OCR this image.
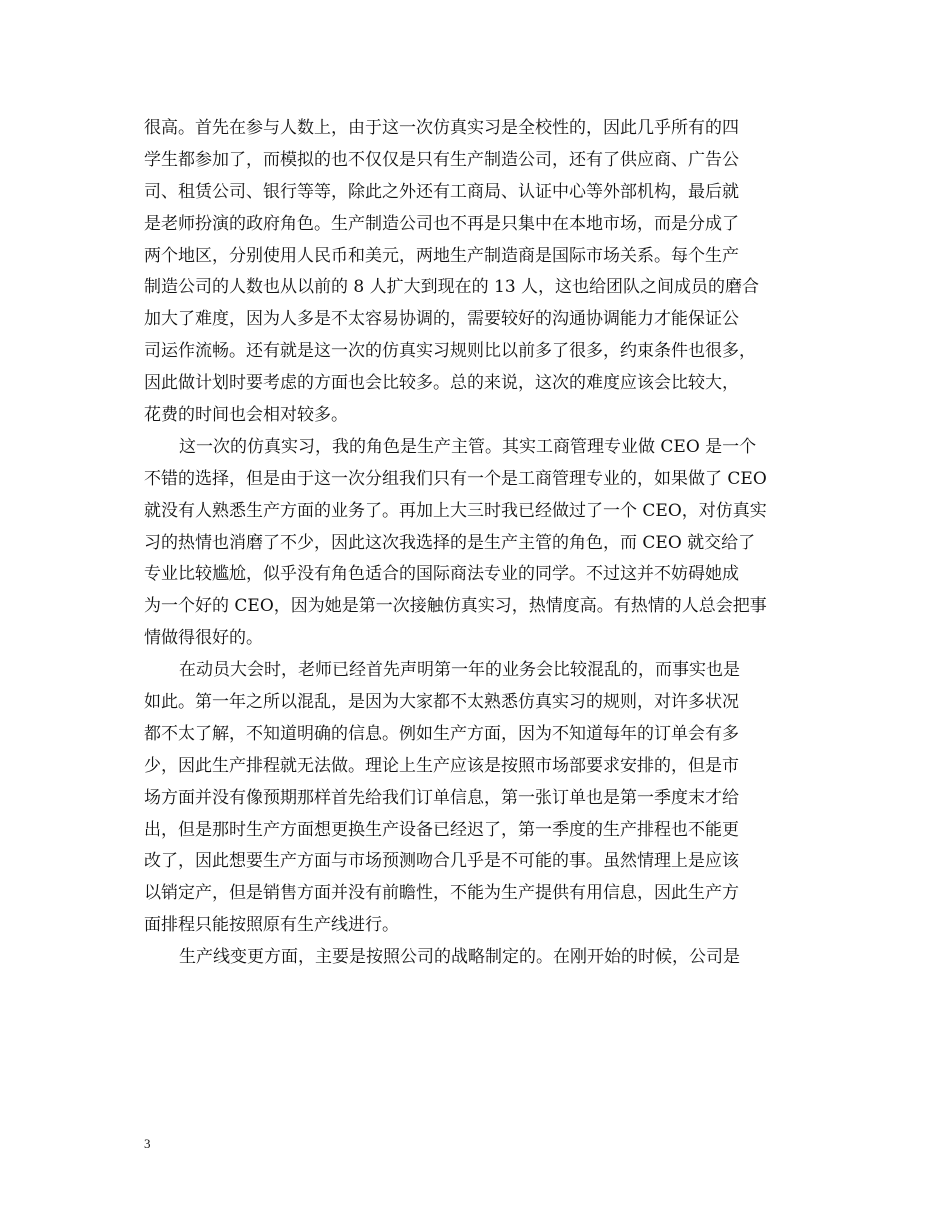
很高。首先在参与人数上，由于这一次仿真实习是全校性的，因此几乎所有的四
学生都参加了，而模拟的也不仅仅是只有生产制造公司，还有了供应商、广告公
司、租赁公司、银行等等，除此之外还有工商局、认证中心等外部机构，最后就
是老师扮演的政府角色。生产制造公司也不再是只集中在本地市场，而是分成了
两个地区，分别使用人民币和美元，两地生产制造商是国际市场关系。每个生产
制造公司的人数也从以前的 8 人扩大到现在的 13 人，这也给团队之间成员的磨合
加大了难度，因为人多是不太容易协调的，需要较好的沟通协调能力才能保证公
司运作流畅。还有就是这一次的仿真实习规则比以前多了很多，约束条件也很多，
因此做计划时要考虑的方面也会比较多。总的来说，这次的难度应该会比较大，
花费的时间也会相对较多。
这一次的仿真实习，我的角色是生产主管。其实工商管理专业做 CEO 是一个
不错的选择，但是由于这一次分组我们只有一个是工商管理专业的，如果做了 CEO
就没有人熟悉生产方面的业务了。再加上大三时我已经做过了一个 CEO，对仿真实
习的热情也消磨了不少，因此这次我选择的是生产主管的角色，而 CEO 就交给了
专业比较尴尬，似乎没有角色适合的国际商法专业的同学。不过这并不妨碍她成
为一个好的 CEO，因为她是第一次接触仿真实习，热情度高。有热情的人总会把事
情做得很好的。
在动员大会时，老师已经首先声明第一年的业务会比较混乱的，而事实也是
如此。第一年之所以混乱，是因为大家都不太熟悉仿真实习的规则，对许多状况
都不太了解，不知道明确的信息。例如生产方面，因为不知道每年的订单会有多
少，因此生产排程就无法做。理论上生产应该是按照市场部要求安排的，但是市
场方面并没有像预期那样首先给我们订单信息，第一张订单也是第一季度末才给
出，但是那时生产方面想更换生产设备已经迟了，第一季度的生产排程也不能更
改了，因此想要生产方面与市场预测吻合几乎是不可能的事。虽然情理上是应该
以销定产，但是销售方面并没有前瞻性，不能为生产提供有用信息，因此生产方
面排程只能按照原有生产线进行。
生产线变更方面，主要是按照公司的战略制定的。在刚开始的时候，公司是
3
